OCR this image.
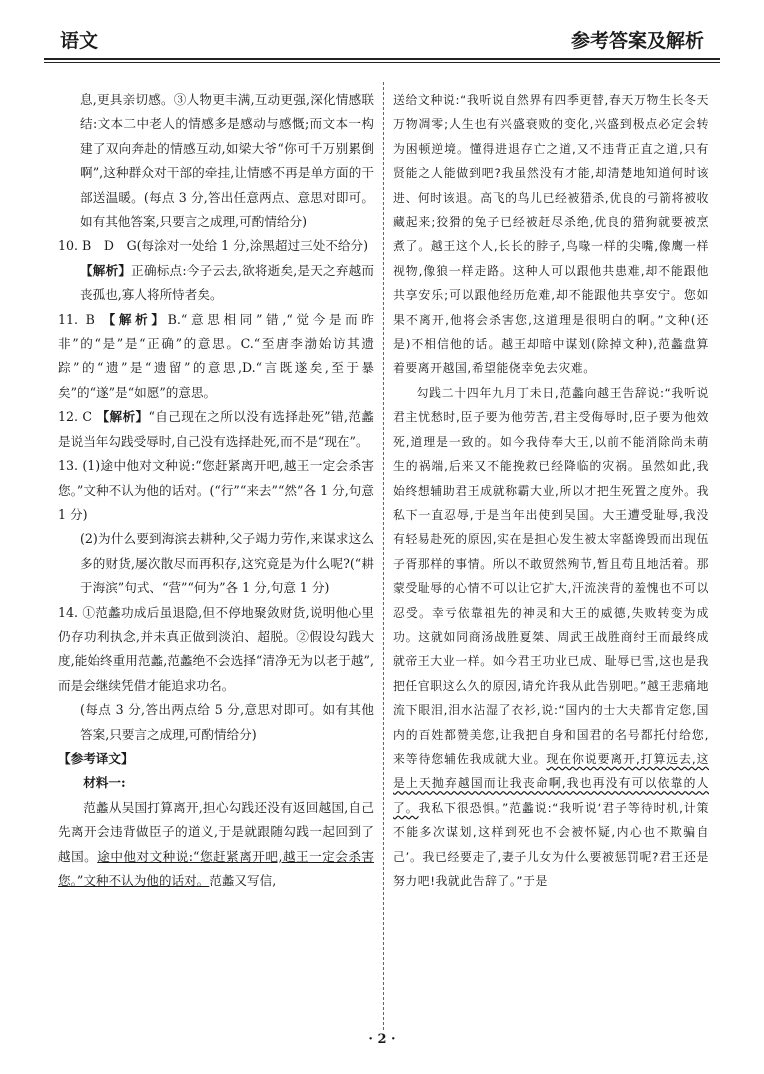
语文	参考答案及解析

息,更具亲切感。③人物更丰满,互动更强,深化情感联结:文本二中老人的情感多是感动与感慨;而文本一构建了双向奔赴的情感互动,如梁大爷“你可千万别累倒啊”,这种群众对干部的牵挂,让情感不再是单方面的干部送温暖。(每点 3 分,答出任意两点、意思对即可。如有其他答案,只要言之成理,可酌情给分)

10. B　D　G(每涂对一处给 1 分,涂黑超过三处不给分)

【解析】正确标点:今子云去,欲将逝矣,是天之弃越而丧孤也,寡人将所恃者矣。

11. B 【解析】B.“意思相同”错,“觉今是而昨非”的“是”是“正确”的意思。C.“至唐李渤始访其遗踪”的“遗”是“遗留”的意思,D.“言既遂矣,至于暴矣”的“遂”是“如愿”的意思。

12. C 【解析】“自己现在之所以没有选择赴死”错,范蠡是说当年勾践受辱时,自己没有选择赴死,而不是“现在”。

13. (1)途中他对文种说:“您赶紧离开吧,越王一定会杀害您。”文种不认为他的话对。(“行”“来去”“然”各 1 分,句意 1 分)

(2)为什么要到海滨去耕种,父子竭力劳作,来谋求这么多的财货,屡次散尽而再积存,这究竟是为什么呢?(“耕于海滨”句式、“营”“何为”各 1 分,句意 1 分)

14. ①范蠡功成后虽退隐,但不停地聚敛财货,说明他心里仍存功利执念,并未真正做到淡泊、超脱。②假设勾践大度,能始终重用范蠡,范蠡绝不会选择“清净无为以老于越”,而是会继续凭借才能追求功名。

(每点 3 分,答出两点给 5 分,意思对即可。如有其他答案,只要言之成理,可酌情给分)

【参考译文】

材料一:

范蠡从吴国打算离开,担心勾践还没有返回越国,自己先离开会违背做臣子的道义,于是就跟随勾践一起回到了越国。途中他对文种说:“您赶紧离开吧,越王一定会杀害您。”文种不认为他的话对。范蠡又写信,

送给文种说:“我听说自然界有四季更替,春天万物生长冬天万物凋零;人生也有兴盛衰败的变化,兴盛到极点必定会转为困顿逆境。懂得进退存亡之道,又不违背正直之道,只有贤能之人能做到吧?我虽然没有才能,却清楚地知道何时该进、何时该退。高飞的鸟儿已经被猎杀,优良的弓箭将被收藏起来;狡猾的兔子已经被赶尽杀绝,优良的猎狗就要被烹煮了。越王这个人,长长的脖子,鸟喙一样的尖嘴,像鹰一样视物,像狼一样走路。这种人可以跟他共患难,却不能跟他共享安乐;可以跟他经历危难,却不能跟他共享安宁。您如果不离开,他将会杀害您,这道理是很明白的啊。”文种(还是)不相信他的话。越王却暗中谋划(除掉文种),范蠡盘算着要离开越国,希望能侥幸免去灾难。

勾践二十四年九月丁未日,范蠡向越王告辞说:“我听说君主忧愁时,臣子要为他劳苦,君主受侮辱时,臣子要为他效死,道理是一致的。如今我侍奉大王,以前不能消除尚未萌生的祸端,后来又不能挽救已经降临的灾祸。虽然如此,我始终想辅助君王成就称霸大业,所以才把生死置之度外。我私下一直忍辱,于是当年出使到吴国。大王遭受耻辱,我没有轻易赴死的原因,实在是担心发生被太宰嚭谗毁而出现伍子胥那样的事情。所以不敢贸然殉节,暂且苟且地活着。那蒙受耻辱的心情不可以让它扩大,汗流浃背的羞愧也不可以忍受。幸亏依靠祖先的神灵和大王的威德,失败转变为成功。这就如同商汤战胜夏桀、周武王战胜商纣王而最终成就帝王大业一样。如今君王功业已成、耻辱已雪,这也是我把任官职这么久的原因,请允许我从此告别吧。”越王悲痛地流下眼泪,泪水沾湿了衣衫,说:“国内的士大夫都肯定您,国内的百姓都赞美您,让我把自身和国君的名号都托付给您,来等待您辅佐我成就大业。现在你说要离开,打算远去,这是上天抛弃越国而让我丧命啊,我也再没有可以依靠的人了。我私下很恐惧。”范蠡说:“我听说‘君子等待时机,计策不能多次谋划,这样到死也不会被怀疑,内心也不欺骗自己’。我已经要走了,妻子儿女为什么要被惩罚呢?君王还是努力吧!我就此告辞了。”于是

· 2 ·
